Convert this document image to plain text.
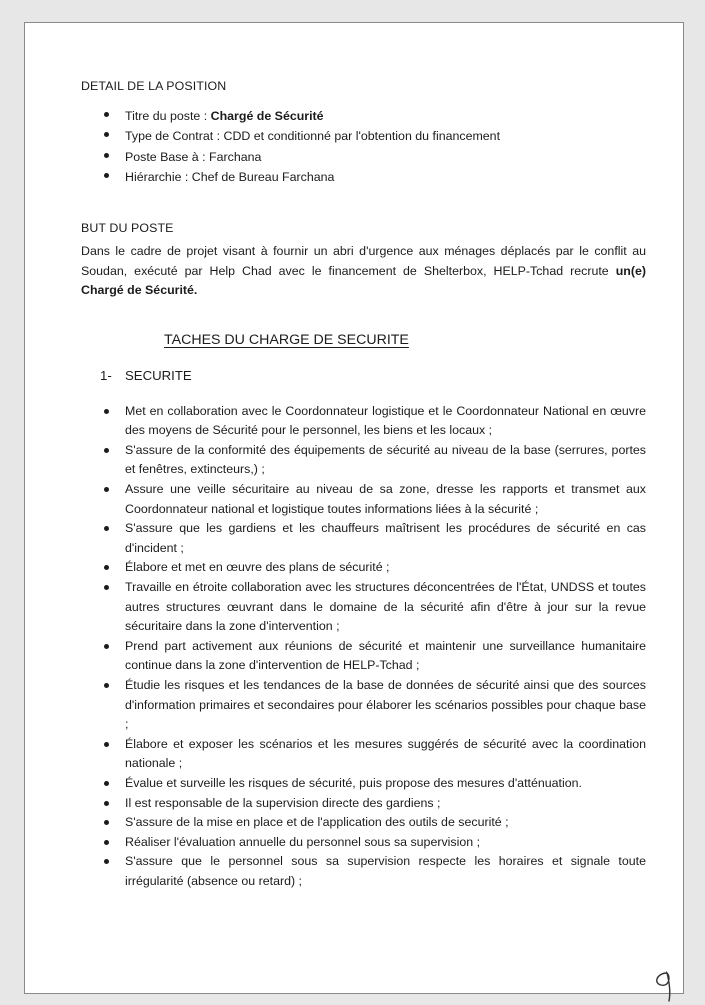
DETAIL DE LA POSITION
Titre du poste : Chargé de Sécurité
Type de Contrat : CDD et conditionné par l'obtention du financement
Poste Base à : Farchana
Hiérarchie : Chef de Bureau Farchana
BUT DU POSTE
Dans le cadre de projet visant à fournir un abri d'urgence aux ménages déplacés par le conflit au Soudan, exécuté par Help Chad avec le financement de Shelterbox, HELP-Tchad recrute un(e) Chargé de Sécurité.
TACHES DU CHARGE DE SECURITE
1- SECURITE
Met en collaboration avec le Coordonnateur logistique et le Coordonnateur National en œuvre des moyens de Sécurité pour le personnel, les biens et les locaux ;
S'assure de la conformité des équipements de sécurité au niveau de la base (serrures, portes et fenêtres, extincteurs,) ;
Assure une veille sécuritaire au niveau de sa zone, dresse les rapports et transmet aux Coordonnateur national et logistique toutes informations liées à la sécurité ;
S'assure que les gardiens et les chauffeurs maîtrisent les procédures de sécurité en cas d'incident ;
Élabore et met en œuvre des plans de sécurité ;
Travaille en étroite collaboration avec les structures déconcentrées de l'État, UNDSS et toutes autres structures œuvrant dans le domaine de la sécurité afin d'être à jour sur la revue sécuritaire dans la zone d'intervention ;
Prend part activement aux réunions de sécurité et maintenir une surveillance humanitaire continue dans la zone d'intervention de HELP-Tchad ;
Étudie les risques et les tendances de la base de données de sécurité ainsi que des sources d'information primaires et secondaires pour élaborer les scénarios possibles pour chaque base ;
Élabore et exposer les scénarios et les mesures suggérés de sécurité avec la coordination nationale ;
Évalue et surveille les risques de sécurité, puis propose des mesures d'atténuation.
Il est responsable de la supervision directe des gardiens ;
S'assure de la mise en place et de l'application des outils de securité ;
Réaliser l'évaluation annuelle du personnel sous sa supervision ;
S'assure que le personnel sous sa supervision respecte les horaires et signale toute irrégularité (absence ou retard) ;
